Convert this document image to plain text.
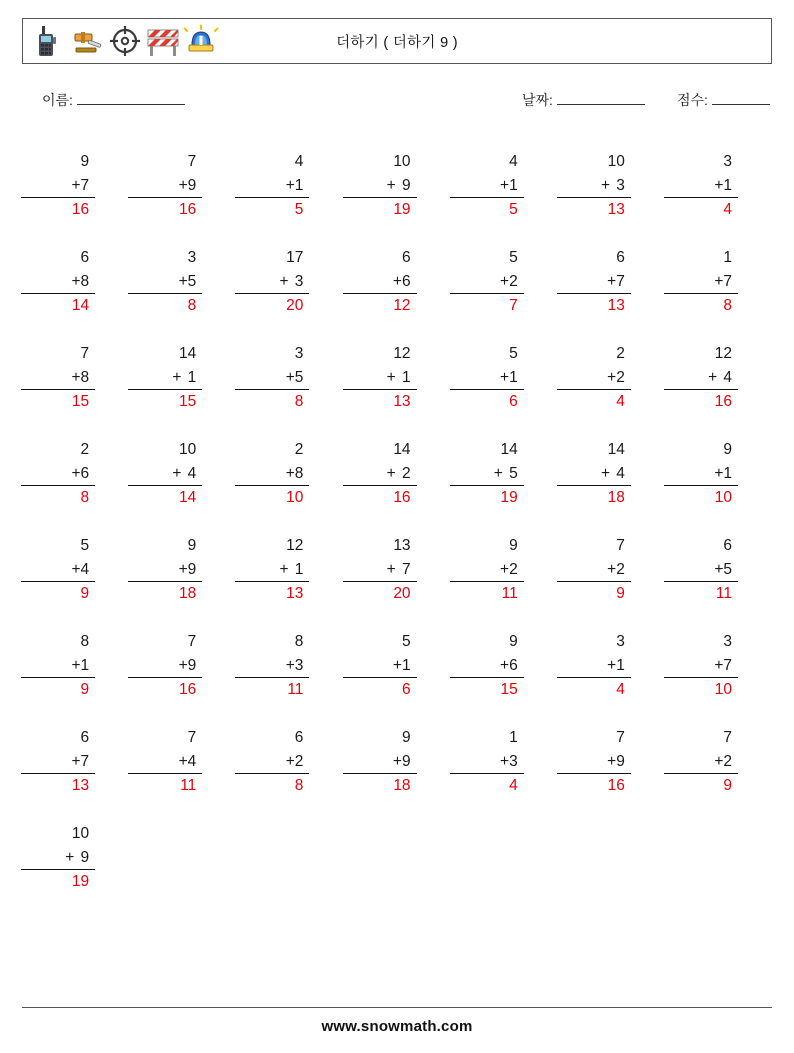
더하기 ( 더하기 9 )
이름:	날짜:	점수:
9
+7
16
7
+9
16
4
+1
5
10
+   9
19
4
+1
5
10
+   3
13
3
+1
4
6
+8
14
3
+5
8
17
+   3
20
6
+6
12
5
+2
7
6
+7
13
1
+7
8
7
+8
15
14
+   1
15
3
+5
8
12
+   1
13
5
+1
6
2
+2
4
12
+   4
16
2
+6
8
10
+   4
14
2
+8
10
14
+   2
16
14
+   5
19
14
+   4
18
9
+1
10
5
+4
9
9
+9
18
12
+   1
13
13
+   7
20
9
+2
11
7
+2
9
6
+5
11
8
+1
9
7
+9
16
8
+3
11
5
+1
6
9
+6
15
3
+1
4
3
+7
10
6
+7
13
7
+4
11
6
+2
8
9
+9
18
1
+3
4
7
+9
16
7
+2
9
10
+   9
19
www.snowmath.com
